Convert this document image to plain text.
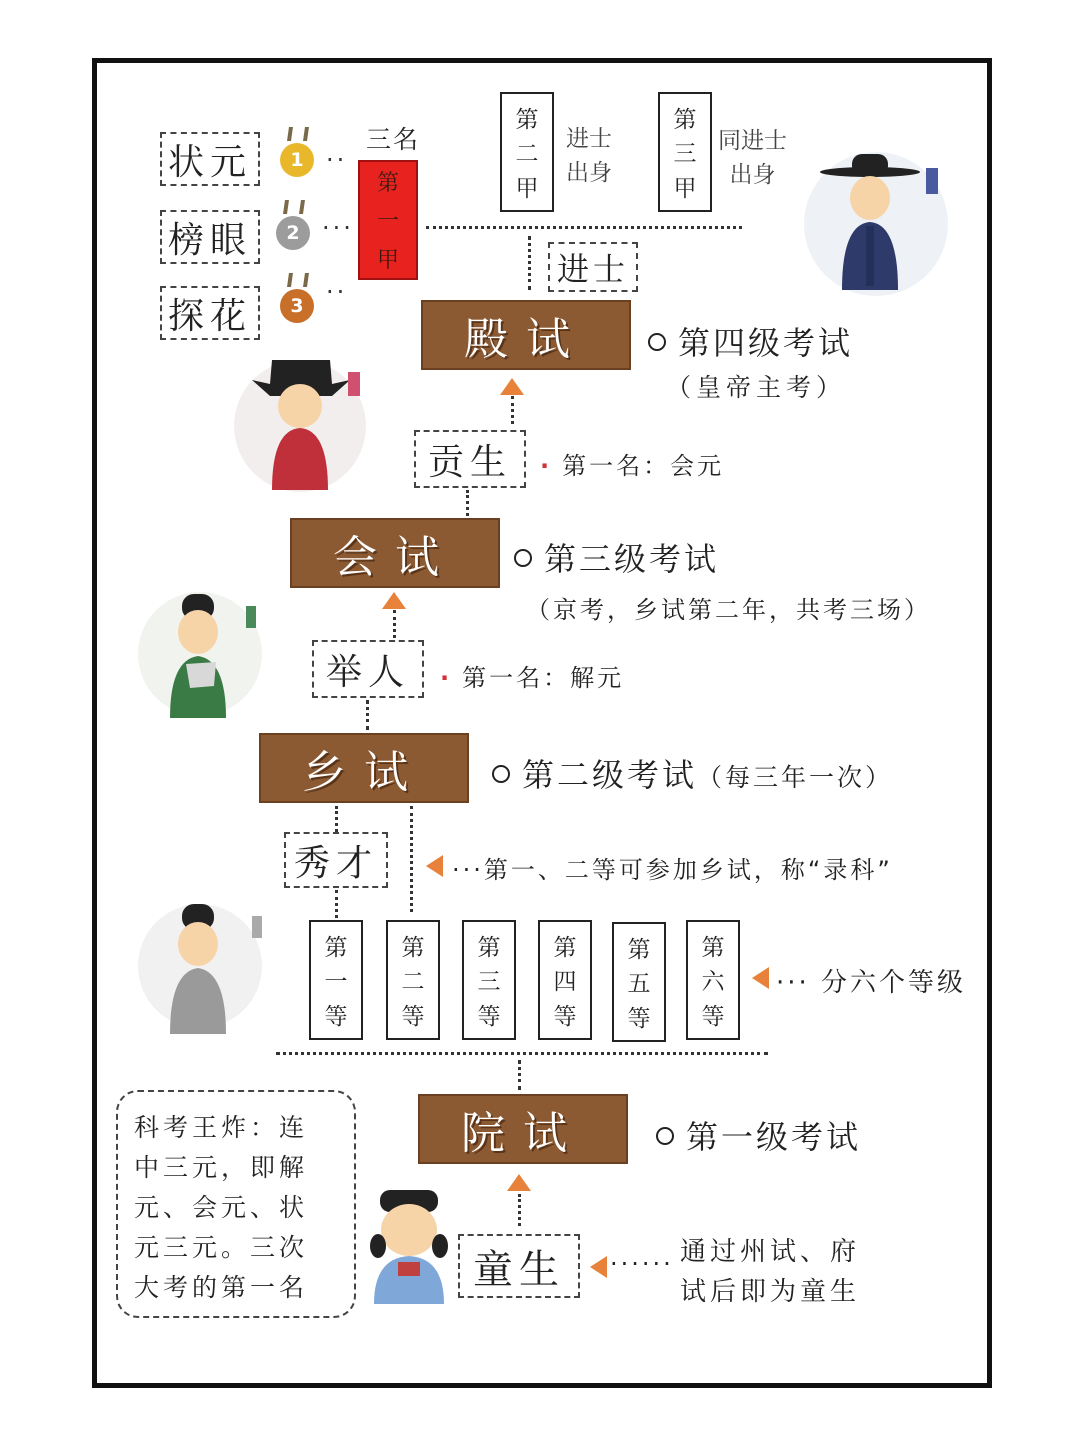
状元
榜眼
探花
1
2
3
··
···
··
三名
第
一
甲
第
二
甲
进士
出身
第
三
甲
同进士
出身
进士
殿试	第四级考试
（皇帝主考）
贡生 · 第一名：会元
会试	第三级考试
（京考，乡试第二年，共考三场）
举人 · 第一名：解元
乡试	第二级考试（每三年一次）
秀才	···第一、二等可参加乡试，称“录科”
第
一
等
第
二
等
第
三
等
第
四
等
第
五
等
第
六
等
··· 分六个等级
院试	第一级考试
童生 ······ 通过州试、府
试后即为童生
科考王炸：连
中三元，即解
元、会元、状
元三元。三次
大考的第一名
